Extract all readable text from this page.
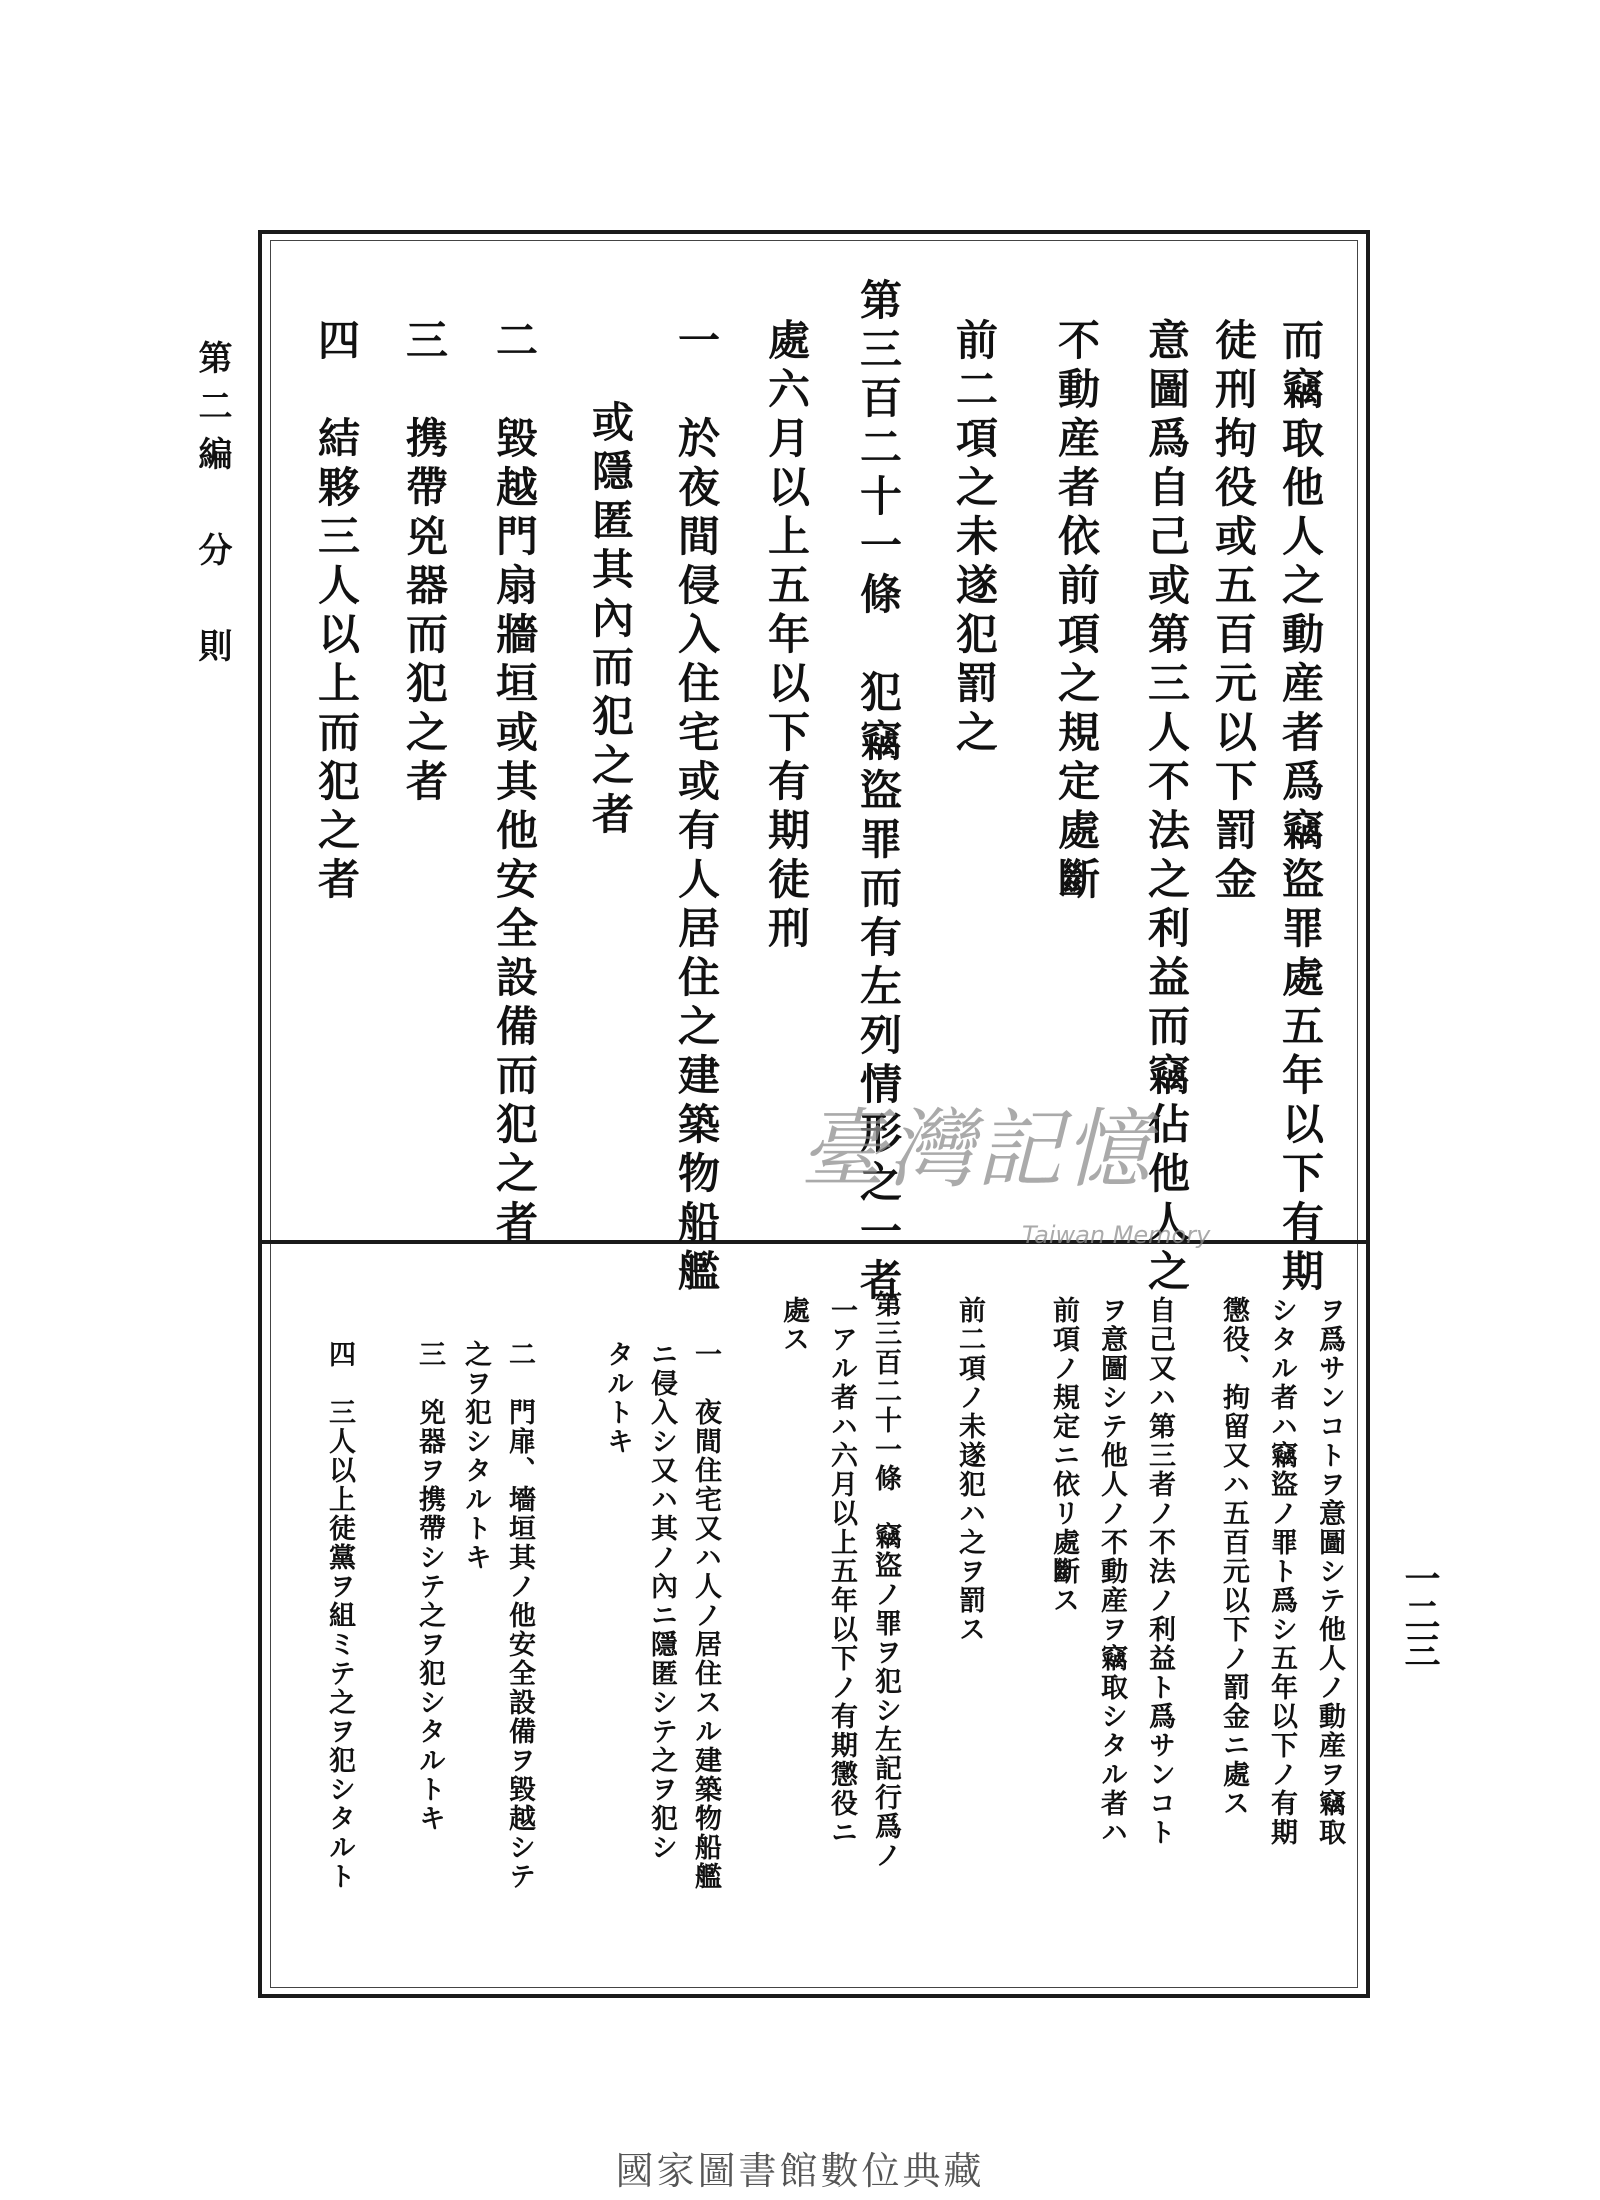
第二編　分　則
一二三
而竊取他人之動産者爲竊盜罪處五年以下有期
徒刑拘役或五百元以下罰金
意圖爲自己或第三人不法之利益而竊佔他人之
不動産者依前項之規定處斷
前二項之未遂犯罰之
第三百二十一條　犯竊盜罪而有左列情形之一者
處六月以上五年以下有期徒刑
一　於夜間侵入住宅或有人居住之建築物船艦
或隱匿其內而犯之者
二　毀越門扇牆垣或其他安全設備而犯之者
三　携帶兇器而犯之者
四　結夥三人以上而犯之者
ヲ爲サンコトヲ意圖シテ他人ノ動産ヲ竊取
シタル者ハ竊盜ノ罪ト爲シ五年以下ノ有期
懲役、拘留又ハ五百元以下ノ罰金ニ處ス
自己又ハ第三者ノ不法ノ利益ト爲サンコト
ヲ意圖シテ他人ノ不動産ヲ竊取シタル者ハ
前項ノ規定ニ依リ處斷ス
前二項ノ未遂犯ハ之ヲ罰ス
第三百二十一條　竊盜ノ罪ヲ犯シ左記行爲ノ
一アル者ハ六月以上五年以下ノ有期懲役ニ
處ス
一　夜間住宅又ハ人ノ居住スル建築物船艦
ニ侵入シ又ハ其ノ內ニ隱匿シテ之ヲ犯シ
タルトキ
二　門扉、墻垣其ノ他安全設備ヲ毀越シテ
之ヲ犯シタルトキ
三　兇器ヲ携帶シテ之ヲ犯シタルトキ
四　三人以上徒黨ヲ組ミテ之ヲ犯シタルト
臺灣記憶
Taiwan Memory
國家圖書館數位典藏
